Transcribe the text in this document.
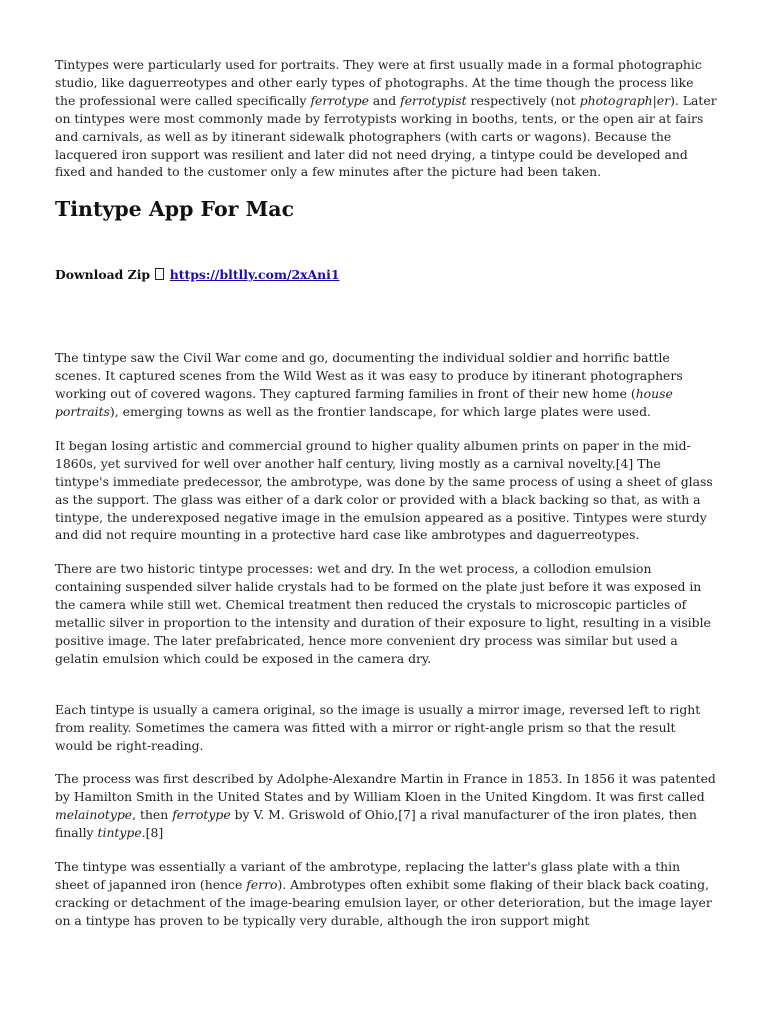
Tintypes were particularly used for portraits. They were at first usually made in a formal photographic studio, like daguerreotypes and other early types of photographs. At the time though the process like the professional were called specifically ferrotype and ferrotypist respectively (not photograph|er). Later on tintypes were most commonly made by ferrotypists working in booths, tents, or the open air at fairs and carnivals, as well as by itinerant sidewalk photographers (with carts or wagons). Because the lacquered iron support was resilient and later did not need drying, a tintype could be developed and fixed and handed to the customer only a few minutes after the picture had been taken.

Tintype App For Mac

Download Zip https://bltlly.com/2xAni1

The tintype saw the Civil War come and go, documenting the individual soldier and horrific battle scenes. It captured scenes from the Wild West as it was easy to produce by itinerant photographers working out of covered wagons. They captured farming families in front of their new home (house portraits), emerging towns as well as the frontier landscape, for which large plates were used.

It began losing artistic and commercial ground to higher quality albumen prints on paper in the mid-1860s, yet survived for well over another half century, living mostly as a carnival novelty.[4] The tintype's immediate predecessor, the ambrotype, was done by the same process of using a sheet of glass as the support. The glass was either of a dark color or provided with a black backing so that, as with a tintype, the underexposed negative image in the emulsion appeared as a positive. Tintypes were sturdy and did not require mounting in a protective hard case like ambrotypes and daguerreotypes.

There are two historic tintype processes: wet and dry. In the wet process, a collodion emulsion containing suspended silver halide crystals had to be formed on the plate just before it was exposed in the camera while still wet. Chemical treatment then reduced the crystals to microscopic particles of metallic silver in proportion to the intensity and duration of their exposure to light, resulting in a visible positive image. The later prefabricated, hence more convenient dry process was similar but used a gelatin emulsion which could be exposed in the camera dry.

Each tintype is usually a camera original, so the image is usually a mirror image, reversed left to right from reality. Sometimes the camera was fitted with a mirror or right-angle prism so that the result would be right-reading.

The process was first described by Adolphe-Alexandre Martin in France in 1853. In 1856 it was patented by Hamilton Smith in the United States and by William Kloen in the United Kingdom. It was first called melainotype, then ferrotype by V. M. Griswold of Ohio,[7] a rival manufacturer of the iron plates, then finally tintype.[8]

The tintype was essentially a variant of the ambrotype, replacing the latter's glass plate with a thin sheet of japanned iron (hence ferro). Ambrotypes often exhibit some flaking of their black back coating, cracking or detachment of the image-bearing emulsion layer, or other deterioration, but the image layer on a tintype has proven to be typically very durable, although the iron support might
